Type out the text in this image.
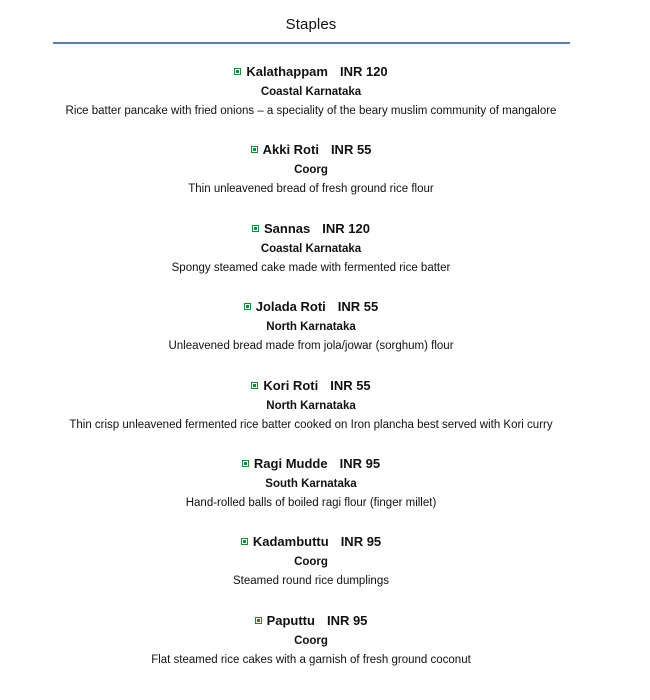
Staples
Kalathappam INR 120
Coastal Karnataka
Rice batter pancake with fried onions – a speciality of the beary muslim community of mangalore
Akki Roti INR 55
Coorg
Thin unleavened bread of fresh ground rice flour
Sannas INR 120
Coastal Karnataka
Spongy steamed cake made with fermented rice batter
Jolada Roti INR 55
North Karnataka
Unleavened bread made from jola/jowar (sorghum) flour
Kori Roti INR 55
North Karnataka
Thin crisp unleavened fermented rice batter cooked on Iron plancha best served with Kori curry
Ragi Mudde INR 95
South Karnataka
Hand-rolled balls of boiled ragi flour (finger millet)
Kadambuttu INR 95
Coorg
Steamed round rice dumplings
Paputtu INR 95
Coorg
Flat steamed rice cakes with a garnish of fresh ground coconut
